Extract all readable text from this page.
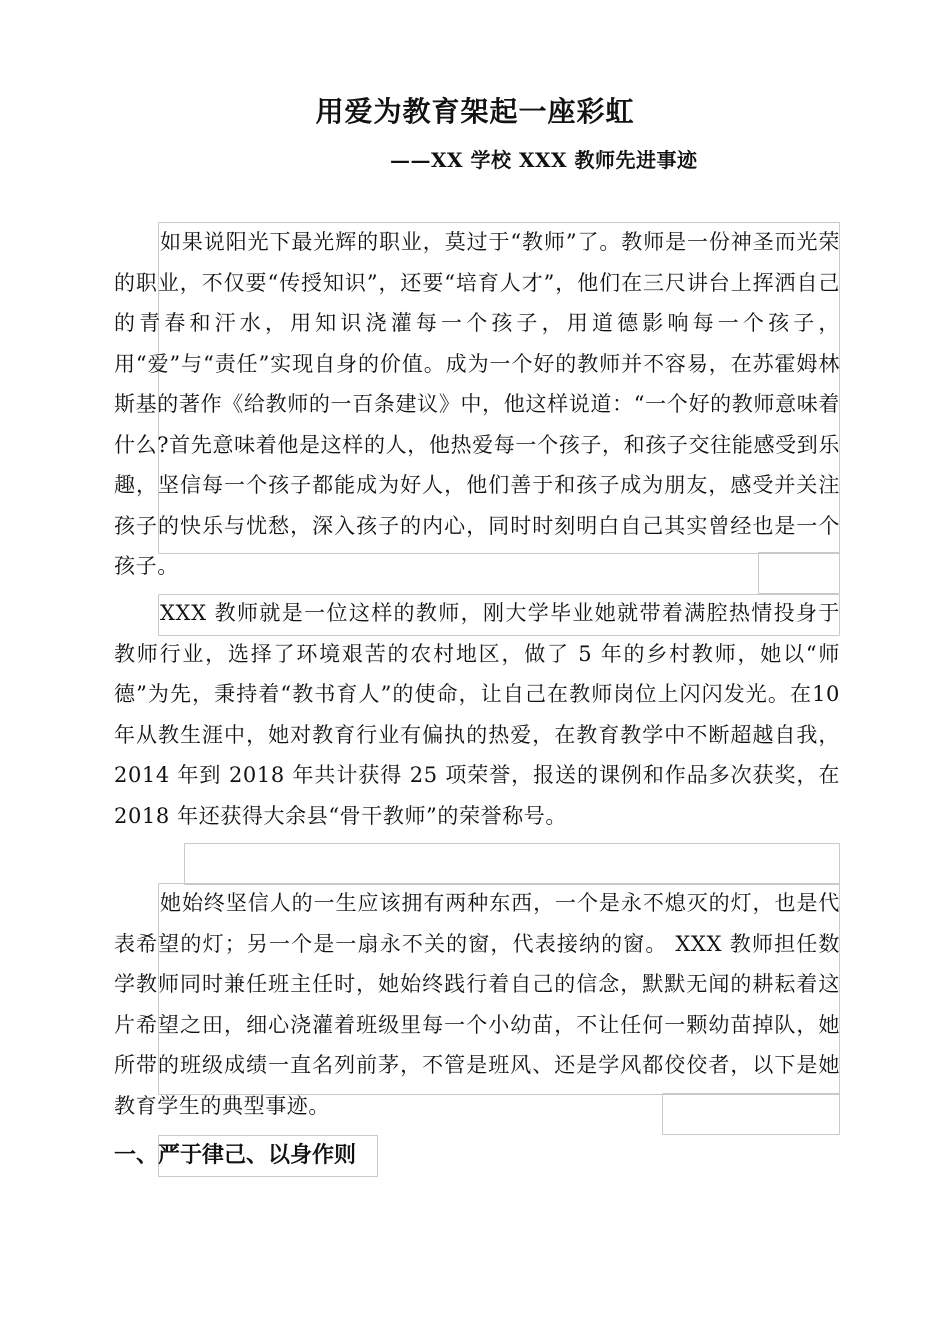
用爱为教育架起一座彩虹
——XX 学校 XXX 教师先进事迹

如果说阳光下最光辉的职业，莫过于“教师”了。教师是一份神圣而光荣的职业，不仅要“传授知识”，还要“培育人才”，他们在三尺讲台上挥洒自己的青春和汗水，用知识浇灌每一个孩子，用道德影响每一个孩子，用“爱”与“责任”实现自身的价值。成为一个好的教师并不容易，在苏霍姆林斯基的著作《给教师的一百条建议》中，他这样说道：“一个好的教师意味着什么?首先意味着他是这样的人，他热爱每一个孩子，和孩子交往能感受到乐趣，坚信每一个孩子都能成为好人，他们善于和孩子成为朋友，感受并关注孩子的快乐与忧愁，深入孩子的内心，同时时刻明白自己其实曾经也是一个孩子。

XXX 教师就是一位这样的教师，刚大学毕业她就带着满腔热情投身于教师行业，选择了环境艰苦的农村地区，做了 5 年的乡村教师，她以“师德”为先，秉持着“教书育人”的使命，让自己在教师岗位上闪闪发光。在10 年从教生涯中，她对教育行业有偏执的热爱，在教育教学中不断超越自我，2014 年到 2018 年共计获得 25 项荣誉，报送的课例和作品多次获奖，在 2018 年还获得大余县“骨干教师”的荣誉称号。

她始终坚信人的一生应该拥有两种东西，一个是永不熄灭的灯，也是代表希望的灯；另一个是一扇永不关的窗，代表接纳的窗。 XXX 教师担任数学教师同时兼任班主任时，她始终践行着自己的信念，默默无闻的耕耘着这片希望之田，细心浇灌着班级里每一个小幼苗，不让任何一颗幼苗掉队，她所带的班级成绩一直名列前茅，不管是班风、还是学风都佼佼者，以下是她教育学生的典型事迹。

一、严于律己、以身作则
